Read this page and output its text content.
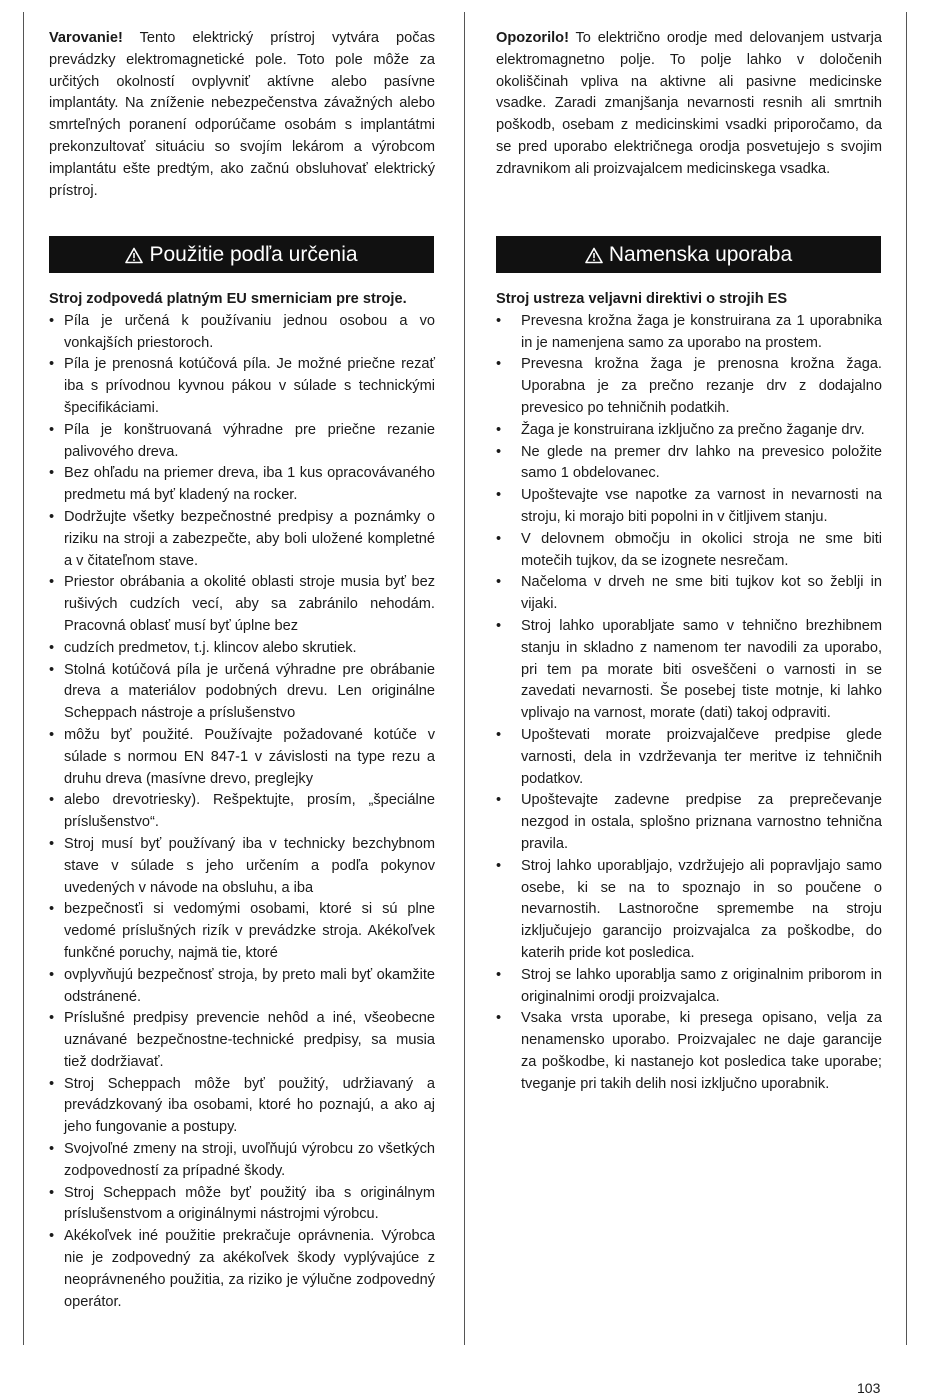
Varovanie! Tento elektrický prístroj vytvára počas prevádzky elektromagnetické pole. Toto pole môže za určitých okolností ovplyvniť aktívne alebo pasívne implantáty. Na zníženie nebezpečenstva závažných alebo smrteľných poranení odporúčame osobám s implantátmi prekonzultovať situáciu so svojím lekárom a výrobcom implantátu ešte predtým, ako začnú obsluhovať elektrický prístroj.

Opozorilo! To električno orodje med delovanjem ustvarja elektromagnetno polje. To polje lahko v določenih okoliščinah vpliva na aktivne ali pasivne medicinske vsadke. Zaradi zmanjšanja nevarnosti resnih ali smrtnih poškodb, osebam z medicinskimi vsadki priporočamo, da se pred uporabo električnega orodja posvetujejo s svojim zdravnikom ali proizvajalcem medicinskega vsadka.

Použitie podľa určenia	Namenska uporaba

Stroj zodpovedá platným EU smerniciam pre stroje.

• Píla je určená k používaniu jednou osobou a vo vonkajších priestoroch.
• Píla je prenosná kotúčová píla. Je možné priečne rezať iba s prívodnou kyvnou pákou v súlade s technickými špecifikáciami.
• Píla je konštruovaná výhradne pre priečne rezanie palivového dreva.
• Bez ohľadu na priemer dreva, iba 1 kus opracovávaného predmetu má byť kladený na rocker.
• Dodržujte všetky bezpečnostné predpisy a poznámky o riziku na stroji a zabezpečte, aby boli uložené kompletné a v čitateľnom stave.
• Priestor obrábania a okolité oblasti stroje musia byť bez rušivých cudzích vecí, aby sa zabránilo nehodám. Pracovná oblasť musí byť úplne bez
• cudzích predmetov, t.j. klincov alebo skrutiek.
• Stolná kotúčová píla je určená výhradne pre obrábanie dreva a materiálov podobných drevu. Len originálne Scheppach nástroje a príslušenstvo
• môžu byť použité. Používajte požadované kotúče v súlade s normou EN 847-1 v závislosti na type rezu a druhu dreva (masívne drevo, preglejky
• alebo drevotriesky). Rešpektujte, prosím, „špeciálne príslušenstvo“.
• Stroj musí byť používaný iba v technicky bezchybnom stave v súlade s jeho určením a podľa pokynov uvedených v návode na obsluhu, a iba
• bezpečnosťi si vedomými osobami, ktoré si sú plne vedomé príslušných rizík v prevádzke stroja. Akékoľvek funkčné poruchy, najmä tie, ktoré
• ovplyvňujú bezpečnosť stroja, by preto mali byť okamžite odstránené.
• Príslušné predpisy prevencie nehôd a iné, všeobecne uznávané bezpečnostne-technické predpisy, sa musia tiež dodržiavať.
• Stroj Scheppach môže byť použitý, udržiavaný a prevádzkovaný iba osobami, ktoré ho poznajú, a ako aj jeho fungovanie a postupy.
• Svojvoľné zmeny na stroji, uvoľňujú výrobcu zo všetkých zodpovedností za prípadné škody.
• Stroj Scheppach môže byť použitý iba s originálnym príslušenstvom a originálnymi nástrojmi výrobcu.
• Akékoľvek iné použitie prekračuje oprávnenia. Výrobca nie je zodpovedný za akékoľvek škody vyplývajúce z neoprávneného použitia, za riziko je výlučne zodpovedný operátor.

Stroj ustreza veljavni direktivi o strojih ES

• Prevesna krožna žaga je konstruirana za 1 uporabnika in je namenjena samo za uporabo na prostem.
• Prevesna krožna žaga je prenosna krožna žaga. Uporabna je za prečno rezanje drv z dodajalno prevesico po tehničnih podatkih.
• Žaga je konstruirana izključno za prečno žaganje drv.
• Ne glede na premer drv lahko na prevesico položite samo 1 obdelovanec.
• Upoštevajte vse napotke za varnost in nevarnosti na stroju, ki morajo biti popolni in v čitljivem stanju.
• V delovnem območju in okolici stroja ne sme biti motečih tujkov, da se izognete nesrečam.
• Načeloma v drveh ne sme biti tujkov kot so žeblji in vijaki.
• Stroj lahko uporabljate samo v tehnično brezhibnem stanju in skladno z namenom ter navodili za uporabo, pri tem pa morate biti osveščeni o varnosti in se zavedati nevarnosti. Še posebej tiste motnje, ki lahko vplivajo na varnost, morate (dati) takoj odpraviti.
• Upoštevati morate proizvajalčeve predpise glede varnosti, dela in vzdrževanja ter meritve iz tehničnih podatkov.
• Upoštevajte zadevne predpise za preprečevanje nezgod in ostala, splošno priznana varnostno tehnična pravila.
• Stroj lahko uporabljajo, vzdržujejo ali popravljajo samo osebe, ki se na to spoznajo in so poučene o nevarnostih. Lastnoročne spremembe na stroju izključujejo garancijo proizvajalca za poškodbe, do katerih pride kot posledica.
• Stroj se lahko uporablja samo z originalnim priborom in originalnimi orodji proizvajalca.
• Vsaka vrsta uporabe, ki presega opisano, velja za nenamensko uporabo. Proizvajalec ne daje garancije za poškodbe, ki nastanejo kot posledica take uporabe; tveganje pri takih delih nosi izključno uporabnik.
103
